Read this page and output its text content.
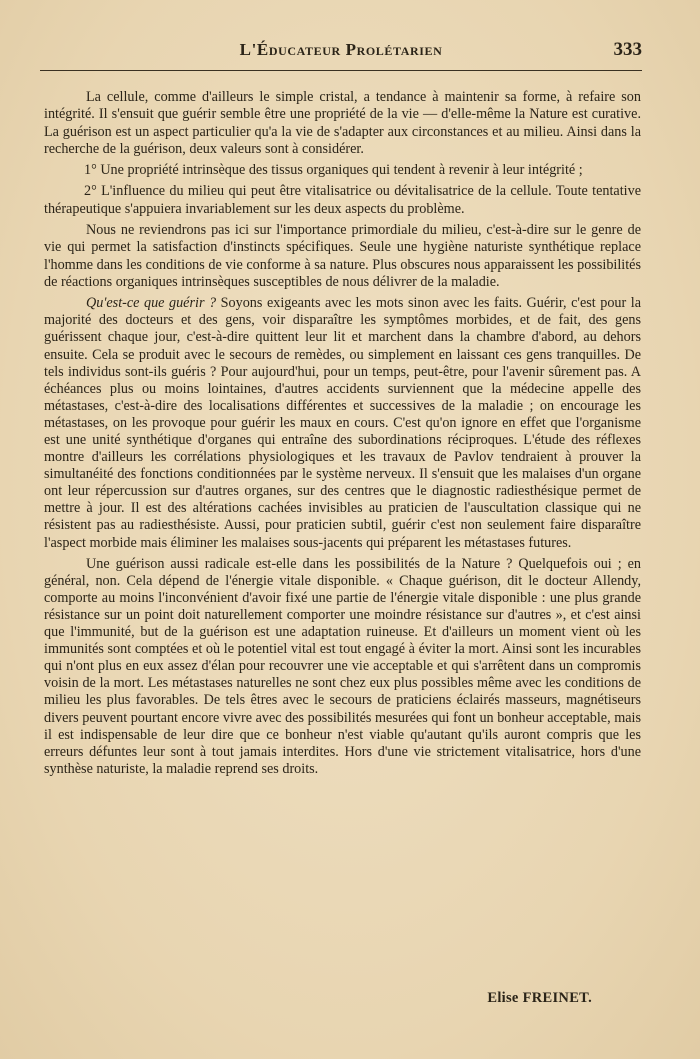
L'Éducateur Prolétarien	333

La cellule, comme d'ailleurs le simple cristal, a tendance à maintenir sa forme, à refaire son intégrité. Il s'ensuit que guérir semble être une propriété de la vie — d'elle-même la Nature est curative. La guérison est un aspect particulier qu'a la vie de s'adapter aux circonstances et au milieu. Ainsi dans la recherche de la guérison, deux valeurs sont à considérer.

1° Une propriété intrinsèque des tissus organiques qui tendent à revenir à leur intégrité ;

2° L'influence du milieu qui peut être vitalisatrice ou dévitalisatrice de la cellule. Toute tentative thérapeutique s'appuiera invariablement sur les deux aspects du problème.

Nous ne reviendrons pas ici sur l'importance primordiale du milieu, c'est-à-dire sur le genre de vie qui permet la satisfaction d'instincts spécifiques. Seule une hygiène naturiste synthétique replace l'homme dans les conditions de vie conforme à sa nature. Plus obscures nous apparaissent les possibilités de réactions organiques intrinsèques susceptibles de nous délivrer de la maladie.

Qu'est-ce que guérir ? Soyons exigeants avec les mots sinon avec les faits. Guérir, c'est pour la majorité des docteurs et des gens, voir disparaître les symptômes morbides, et de fait, des gens guérissent chaque jour, c'est-à-dire quittent leur lit et marchent dans la chambre d'abord, au dehors ensuite. Cela se produit avec le secours de remèdes, ou simplement en laissant ces gens tranquilles. De tels individus sont-ils guéris ? Pour aujourd'hui, pour un temps, peut-être, pour l'avenir sûrement pas. A échéances plus ou moins lointaines, d'autres accidents surviennent que la médecine appelle des métastases, c'est-à-dire des localisations différentes et successives de la maladie ; on encourage les métastases, on les provoque pour guérir les maux en cours. C'est qu'on ignore en effet que l'organisme est une unité synthétique d'organes qui entraîne des subordinations réciproques. L'étude des réflexes montre d'ailleurs les corrélations physiologiques et les travaux de Pavlov tendraient à prouver la simultanéité des fonctions conditionnées par le système nerveux. Il s'ensuit que les malaises d'un organe ont leur répercussion sur d'autres organes, sur des centres que le diagnostic radiesthésique permet de mettre à jour. Il est des altérations cachées invisibles au praticien de l'auscultation classique qui ne résistent pas au radiesthésiste. Aussi, pour praticien subtil, guérir c'est non seulement faire disparaître l'aspect morbide mais éliminer les malaises sous-jacents qui préparent les métastases futures.

Une guérison aussi radicale est-elle dans les possibilités de la Nature ? Quelquefois oui ; en général, non. Cela dépend de l'énergie vitale disponible. « Chaque guérison, dit le docteur Allendy, comporte au moins l'inconvénient d'avoir fixé une partie de l'énergie vitale disponible : une plus grande résistance sur un point doit naturellement comporter une moindre résistance sur d'autres », et c'est ainsi que l'immunité, but de la guérison est une adaptation ruineuse. Et d'ailleurs un moment vient où les immunités sont comptées et où le potentiel vital est tout engagé à éviter la mort. Ainsi sont les incurables qui n'ont plus en eux assez d'élan pour recouvrer une vie acceptable et qui s'arrêtent dans un compromis voisin de la mort. Les métastases naturelles ne sont chez eux plus possibles même avec les conditions de milieu les plus favorables. De tels êtres avec le secours de praticiens éclairés masseurs, magnétiseurs divers peuvent pourtant encore vivre avec des possibilités mesurées qui font un bonheur acceptable, mais il est indispensable de leur dire que ce bonheur n'est viable qu'autant qu'ils auront compris que les erreurs défuntes leur sont à tout jamais interdites. Hors d'une vie strictement vitalisatrice, hors d'une synthèse naturiste, la maladie reprend ses droits.

Elise FREINET.
